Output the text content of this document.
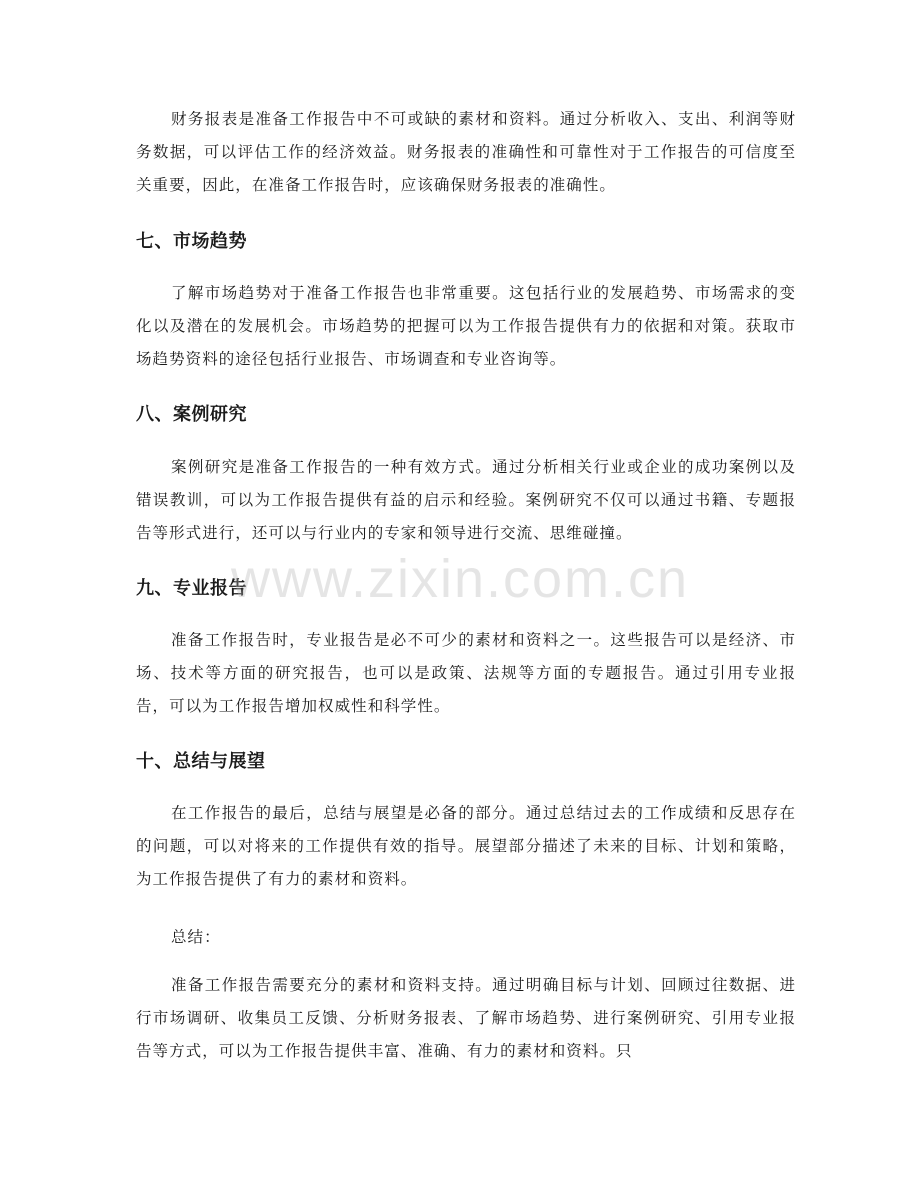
财务报表是准备工作报告中不可或缺的素材和资料。通过分析收入、支出、利润等财务数据，可以评估工作的经济效益。财务报表的准确性和可靠性对于工作报告的可信度至关重要，因此，在准备工作报告时，应该确保财务报表的准确性。

七、市场趋势

了解市场趋势对于准备工作报告也非常重要。这包括行业的发展趋势、市场需求的变化以及潜在的发展机会。市场趋势的把握可以为工作报告提供有力的依据和对策。获取市场趋势资料的途径包括行业报告、市场调查和专业咨询等。

八、案例研究

案例研究是准备工作报告的一种有效方式。通过分析相关行业或企业的成功案例以及错误教训，可以为工作报告提供有益的启示和经验。案例研究不仅可以通过书籍、专题报告等形式进行，还可以与行业内的专家和领导进行交流、思维碰撞。

九、专业报告

准备工作报告时，专业报告是必不可少的素材和资料之一。这些报告可以是经济、市场、技术等方面的研究报告，也可以是政策、法规等方面的专题报告。通过引用专业报告，可以为工作报告增加权威性和科学性。

十、总结与展望

在工作报告的最后，总结与展望是必备的部分。通过总结过去的工作成绩和反思存在的问题，可以对将来的工作提供有效的指导。展望部分描述了未来的目标、计划和策略，为工作报告提供了有力的素材和资料。

总结：

准备工作报告需要充分的素材和资料支持。通过明确目标与计划、回顾过往数据、进行市场调研、收集员工反馈、分析财务报表、了解市场趋势、进行案例研究、引用专业报告等方式，可以为工作报告提供丰富、准确、有力的素材和资料。只

www.zixin.com.cn
